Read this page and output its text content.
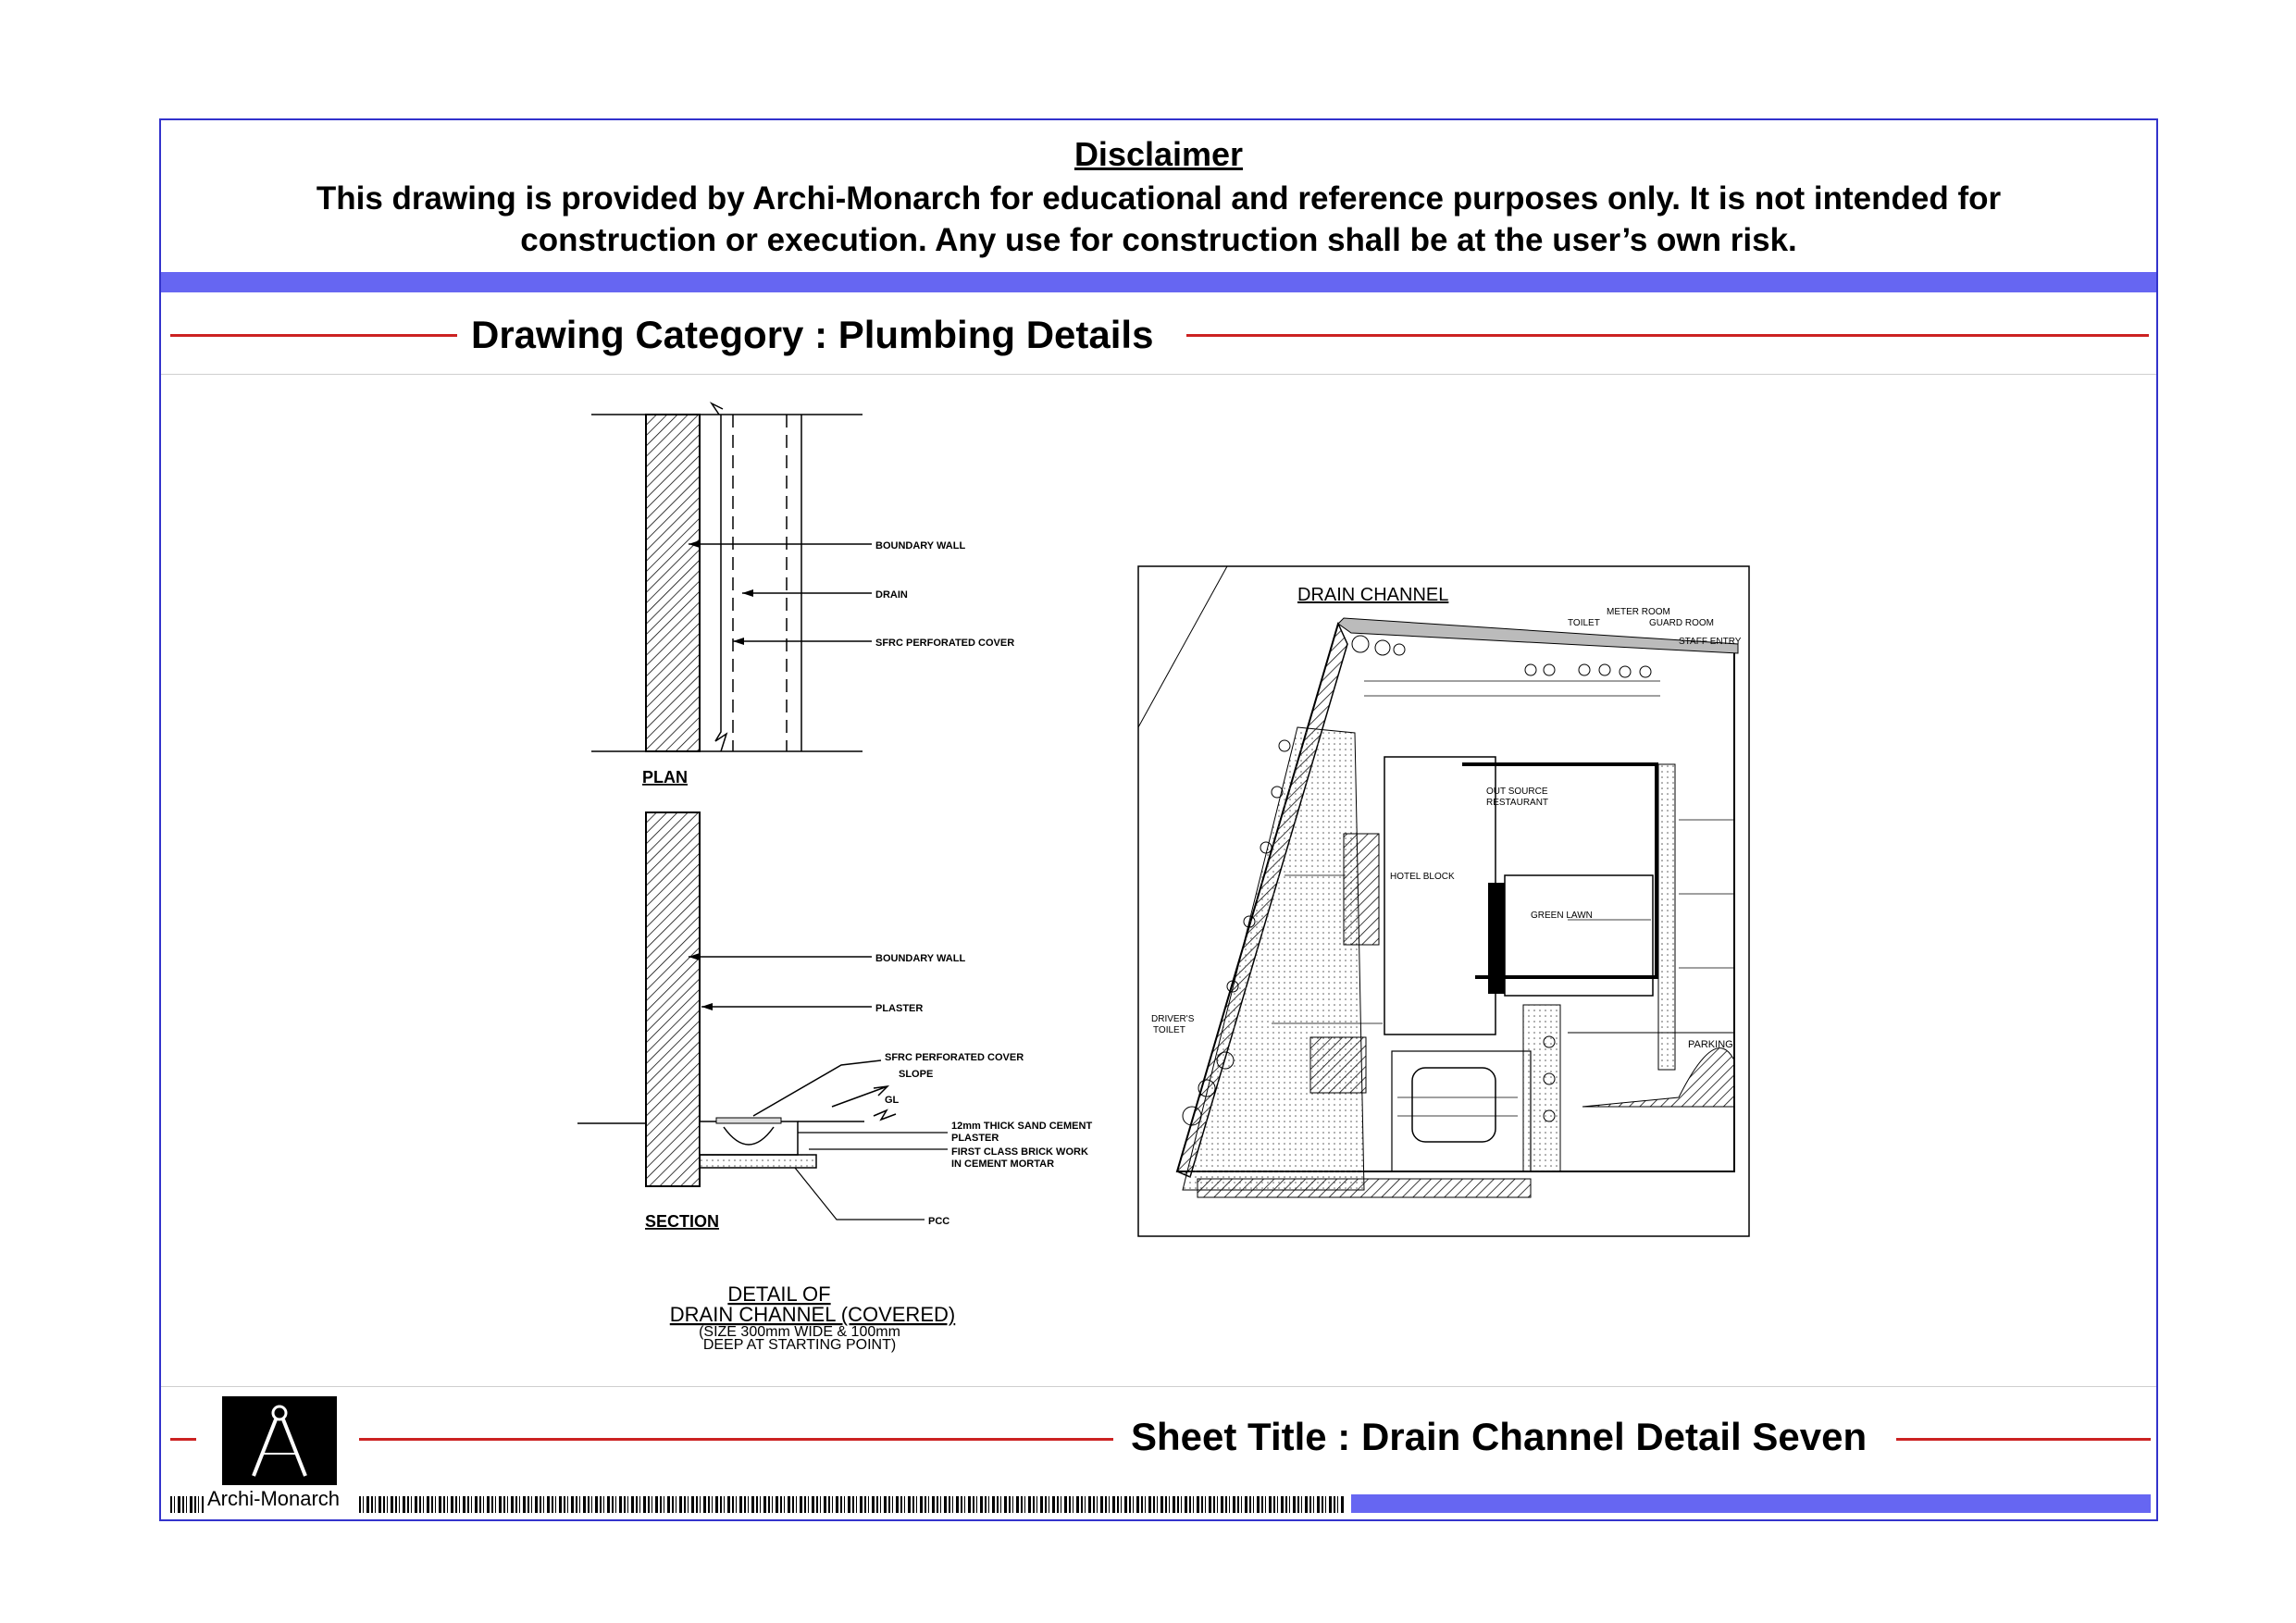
Disclaimer
This drawing is provided by Archi-Monarch for educational and reference purposes only. It is not intended for construction or execution. Any use for construction shall be at the user’s own risk.
Drawing Category : Plumbing Details
BOUNDARY WALL
DRAIN
SFRC PERFORATED COVER
PLAN
BOUNDARY WALL
PLASTER
SFRC PERFORATED COVER
SLOPE
GL
12mm THICK SAND CEMENT
PLASTER
FIRST CLASS BRICK WORK
IN CEMENT MORTAR
PCC
SECTION
DETAIL OF
DRAIN CHANNEL (COVERED)
(SIZE 300mm WIDE & 100mm
DEEP AT STARTING POINT)
DRAIN CHANNEL
METER ROOM
TOILET	GUARD ROOM
STAFF ENTRY
OUT SOURCE
RESTAURANT
HOTEL BLOCK
GREEN LAWN
DRIVER'S
TOILET
PARKING
Archi-Monarch
Sheet Title : Drain Channel Detail Seven
